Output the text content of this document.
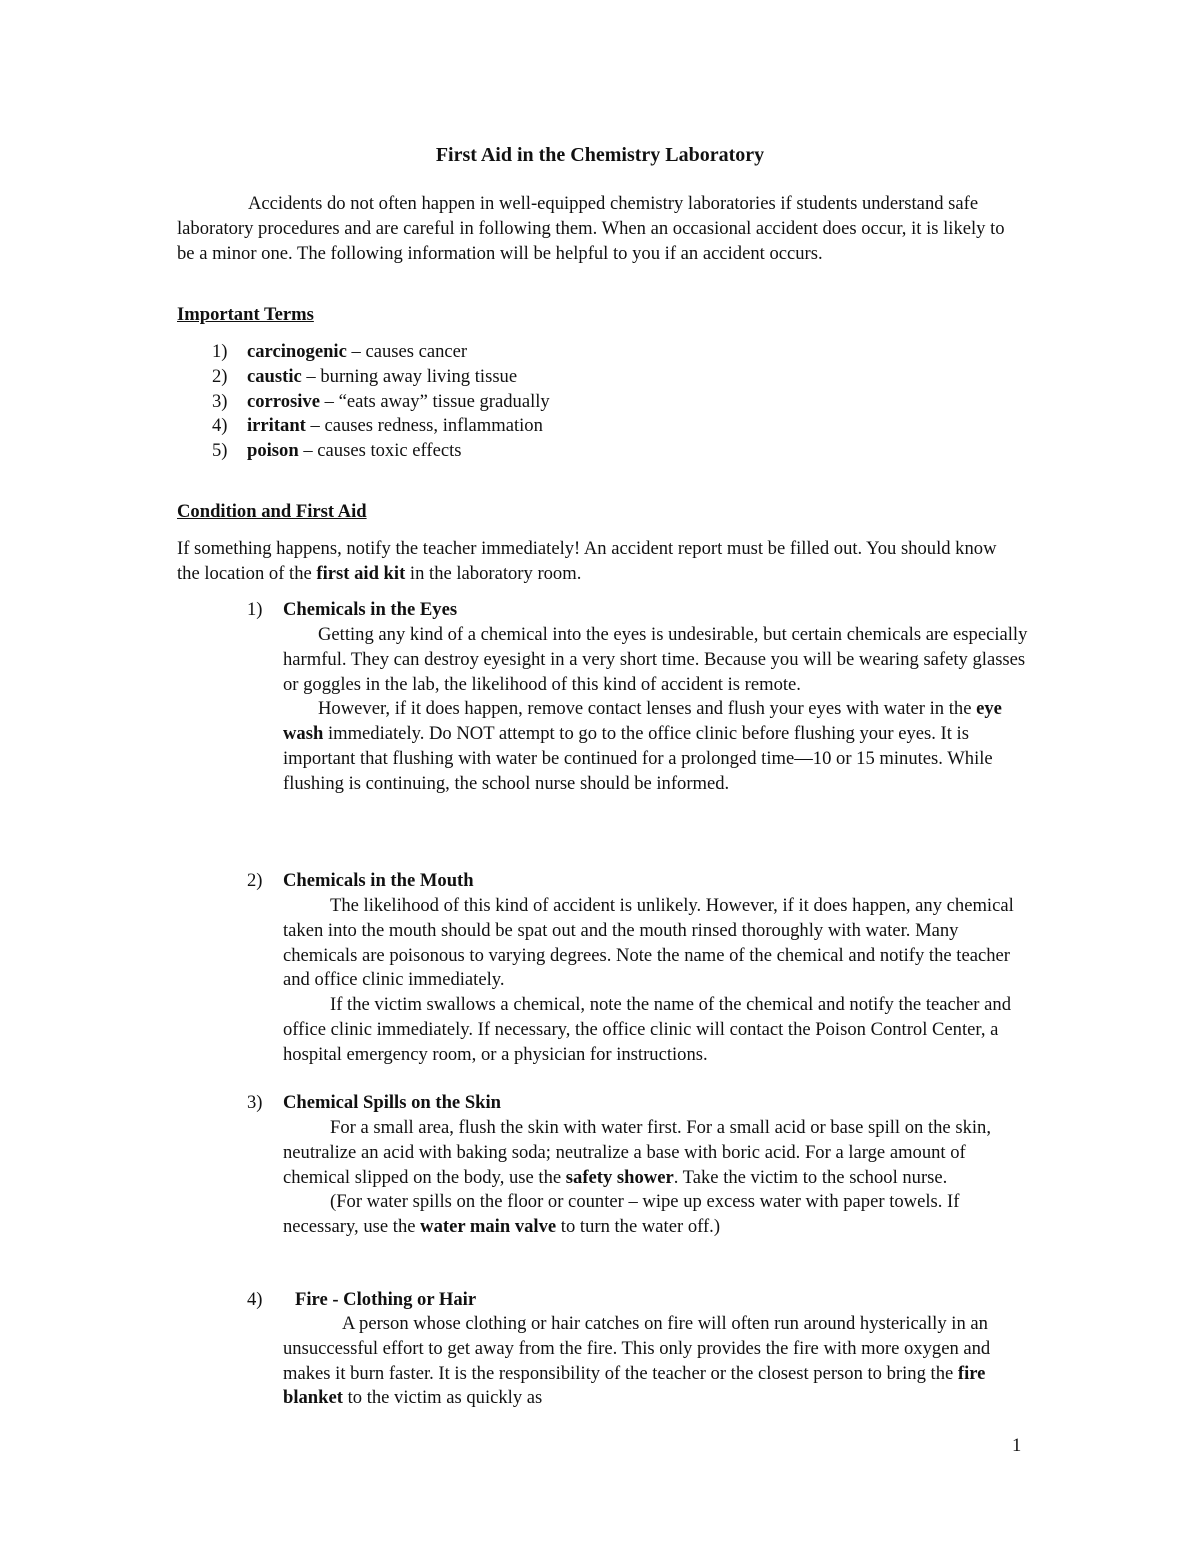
First Aid in the Chemistry Laboratory

Accidents do not often happen in well-equipped chemistry laboratories if students understand safe laboratory procedures and are careful in following them. When an occasional accident does occur, it is likely to be a minor one. The following information will be helpful to you if an accident occurs.

Important Terms
1)	carcinogenic – causes cancer
2)	caustic – burning away living tissue
3)	corrosive – “eats away” tissue gradually
4)	irritant – causes redness, inflammation
5)	poison – causes toxic effects
Condition and First Aid

If something happens, notify the teacher immediately! An accident report must be filled out. You should know the location of the first aid kit in the laboratory room.

1) Chemicals in the Eyes

Getting any kind of a chemical into the eyes is undesirable, but certain chemicals are especially harmful. They can destroy eyesight in a very short time. Because you will be wearing safety glasses or goggles in the lab, the likelihood of this kind of accident is remote.

However, if it does happen, remove contact lenses and flush your eyes with water in the eye wash immediately. Do NOT attempt to go to the office clinic before flushing your eyes. It is important that flushing with water be continued for a prolonged time—10 or 15 minutes. While flushing is continuing, the school nurse should be informed.

2) Chemicals in the Mouth

The likelihood of this kind of accident is unlikely. However, if it does happen, any chemical taken into the mouth should be spat out and the mouth rinsed thoroughly with water. Many chemicals are poisonous to varying degrees. Note the name of the chemical and notify the teacher and office clinic immediately.

If the victim swallows a chemical, note the name of the chemical and notify the teacher and office clinic immediately. If necessary, the office clinic will contact the Poison Control Center, a hospital emergency room, or a physician for instructions.

3) Chemical Spills on the Skin

For a small area, flush the skin with water first. For a small acid or base spill on the skin, neutralize an acid with baking soda; neutralize a base with boric acid. For a large amount of chemical slipped on the body, use the safety shower. Take the victim to the school nurse.

(For water spills on the floor or counter – wipe up excess water with paper towels. If necessary, use the water main valve to turn the water off.)

4) Fire - Clothing or Hair

A person whose clothing or hair catches on fire will often run around hysterically in an unsuccessful effort to get away from the fire. This only provides the fire with more oxygen and makes it burn faster. It is the responsibility of the teacher or the closest person to bring the fire blanket to the victim as quickly as

1
